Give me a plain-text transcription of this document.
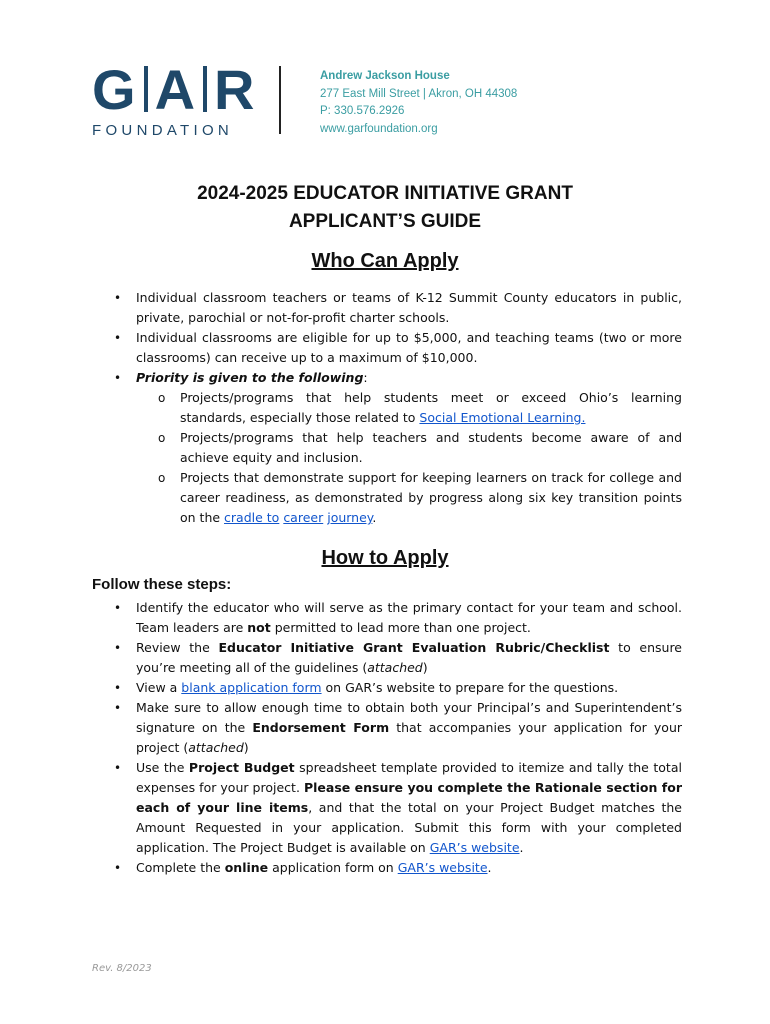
G A R
FOUNDATION
Andrew Jackson House
277 East Mill Street | Akron, OH 44308
P: 330.576.2926
www.garfoundation.org
2024-2025 EDUCATOR INITIATIVE GRANT
APPLICANT’S GUIDE
Who Can Apply
• Individual classroom teachers or teams of K-12 Summit County educators in public, private, parochial or not-for-profit charter schools.
• Individual classrooms are eligible for up to $5,000, and teaching teams (two or more classrooms) can receive up to a maximum of $10,000.
• Priority is given to the following:
o Projects/programs that help students meet or exceed Ohio’s learning standards, especially those related to Social Emotional Learning.
o Projects/programs that help teachers and students become aware of and achieve equity and inclusion.
o Projects that demonstrate support for keeping learners on track for college and career readiness, as demonstrated by progress along six key transition points on the cradle to career journey.
How to Apply
Follow these steps:
• Identify the educator who will serve as the primary contact for your team and school. Team leaders are not permitted to lead more than one project.
• Review the Educator Initiative Grant Evaluation Rubric/Checklist to ensure you’re meeting all of the guidelines (attached)
• View a blank application form on GAR’s website to prepare for the questions.
• Make sure to allow enough time to obtain both your Principal’s and Superintendent’s signature on the Endorsement Form that accompanies your application for your project (attached)
• Use the Project Budget spreadsheet template provided to itemize and tally the total expenses for your project. Please ensure you complete the Rationale section for each of your line items, and that the total on your Project Budget matches the Amount Requested in your application. Submit this form with your completed application. The Project Budget is available on GAR’s website.
• Complete the online application form on GAR’s website.
Rev. 8/2023
